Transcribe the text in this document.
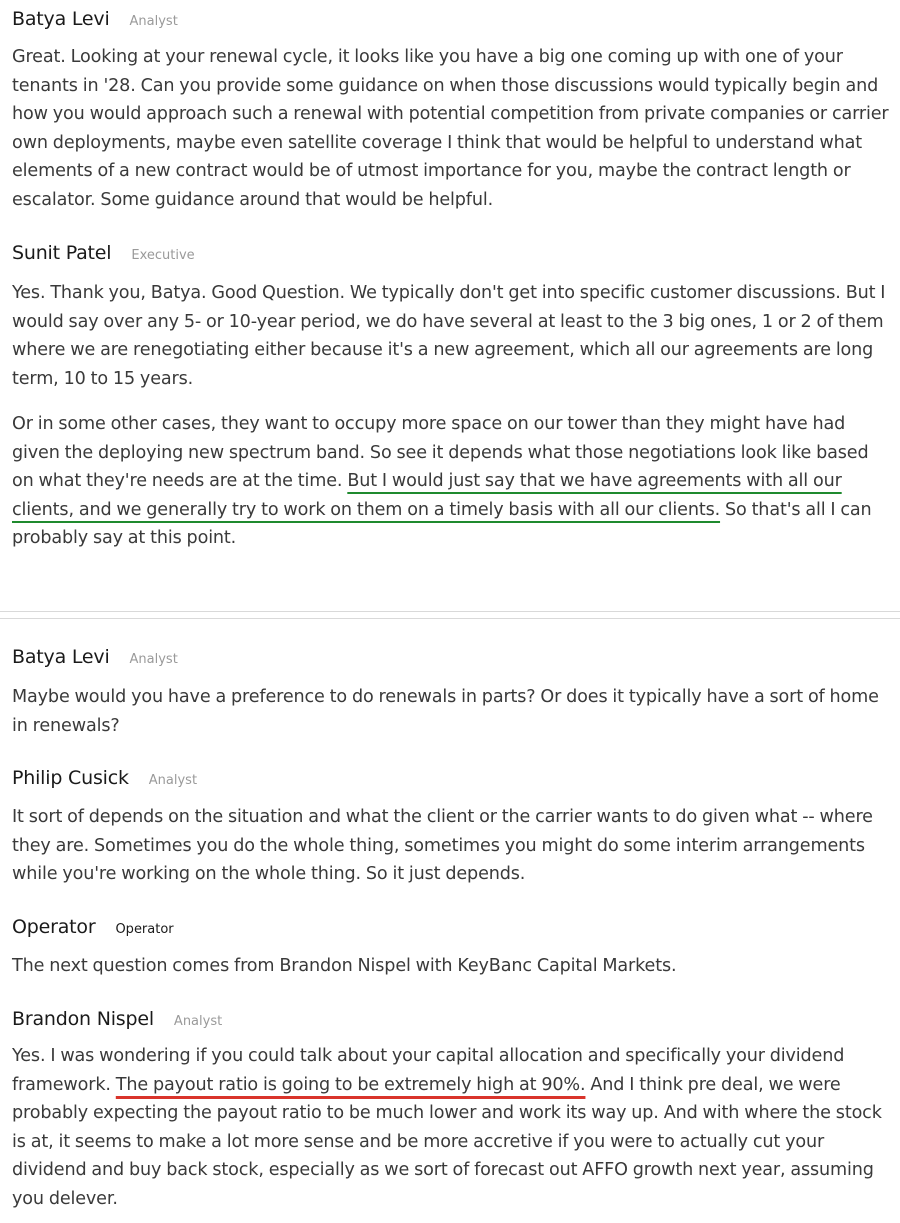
Batya Levi Analyst

Great. Looking at your renewal cycle, it looks like you have a big one coming up with one of your tenants in '28. Can you provide some guidance on when those discussions would typically begin and how you would approach such a renewal with potential competition from private companies or carrier own deployments, maybe even satellite coverage I think that would be helpful to understand what elements of a new contract would be of utmost importance for you, maybe the contract length or escalator. Some guidance around that would be helpful.

Sunit Patel Executive

Yes. Thank you, Batya. Good Question. We typically don't get into specific customer discussions. But I would say over any 5- or 10-year period, we do have several at least to the 3 big ones, 1 or 2 of them where we are renegotiating either because it's a new agreement, which all our agreements are long term, 10 to 15 years.

Or in some other cases, they want to occupy more space on our tower than they might have had given the deploying new spectrum band. So see it depends what those negotiations look like based on what they're needs are at the time. But I would just say that we have agreements with all our clients, and we generally try to work on them on a timely basis with all our clients. So that's all I can probably say at this point.

Batya Levi Analyst

Maybe would you have a preference to do renewals in parts? Or does it typically have a sort of home in renewals?

Philip Cusick Analyst

It sort of depends on the situation and what the client or the carrier wants to do given what -- where they are. Sometimes you do the whole thing, sometimes you might do some interim arrangements while you're working on the whole thing. So it just depends.

Operator Operator

The next question comes from Brandon Nispel with KeyBanc Capital Markets.

Brandon Nispel Analyst

Yes. I was wondering if you could talk about your capital allocation and specifically your dividend framework. The payout ratio is going to be extremely high at 90%. And I think pre deal, we were probably expecting the payout ratio to be much lower and work its way up. And with where the stock is at, it seems to make a lot more sense and be more accretive if you were to actually cut your dividend and buy back stock, especially as we sort of forecast out AFFO growth next year, assuming you delever.
